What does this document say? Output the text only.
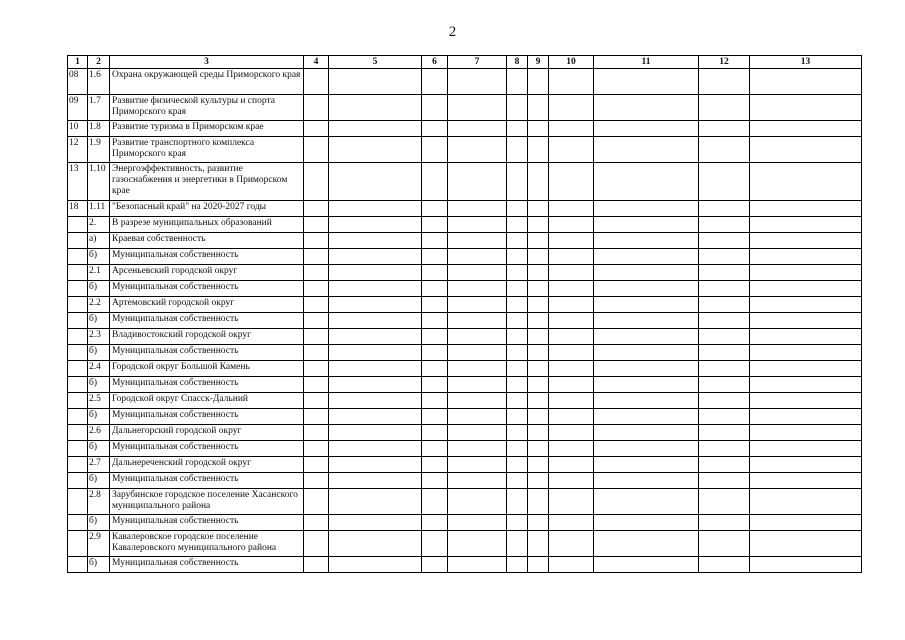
2
1	2	3	4	5	6	7	8	9	10	11	12	13
08	1.6	Охрана окружающей среды Приморского края										
09	1.7	Развитие физической культуры и спорта Приморского края										
10	1.8	Развитие туризма в Приморском крае										
12	1.9	Развитие транспортного комплекса Приморского края										
13	1.10	Энергоэффективность, развитие газоснабжения и энергетики в Приморском крае										
18	1.11	"Безопасный край" на 2020-2027 годы										
	2.	В разрезе муниципальных образований										
	а)	Краевая собственность										
	б)	Муниципальная собственность										
	2.1	Арсеньевский городской округ										
	б)	Муниципальная собственность										
	2.2	Артемовский городской округ										
	б)	Муниципальная собственность										
	2.3	Владивостокский городской округ										
	б)	Муниципальная собственность										
	2.4	Городской округ Большой Камень										
	б)	Муниципальная собственность										
	2.5	Городской округ Спасск-Дальний										
	б)	Муниципальная собственность										
	2.6	Дальнегорский городской округ										
	б)	Муниципальная собственность										
	2.7	Дальнереченский городской округ										
	б)	Муниципальная собственность										
	2.8	Зарубинское городское поселение Хасанского муниципального района										
	б)	Муниципальная собственность										
	2.9	Кавалеровское городское поселение Кавалеровского муниципального района										
	б)	Муниципальная собственность										
